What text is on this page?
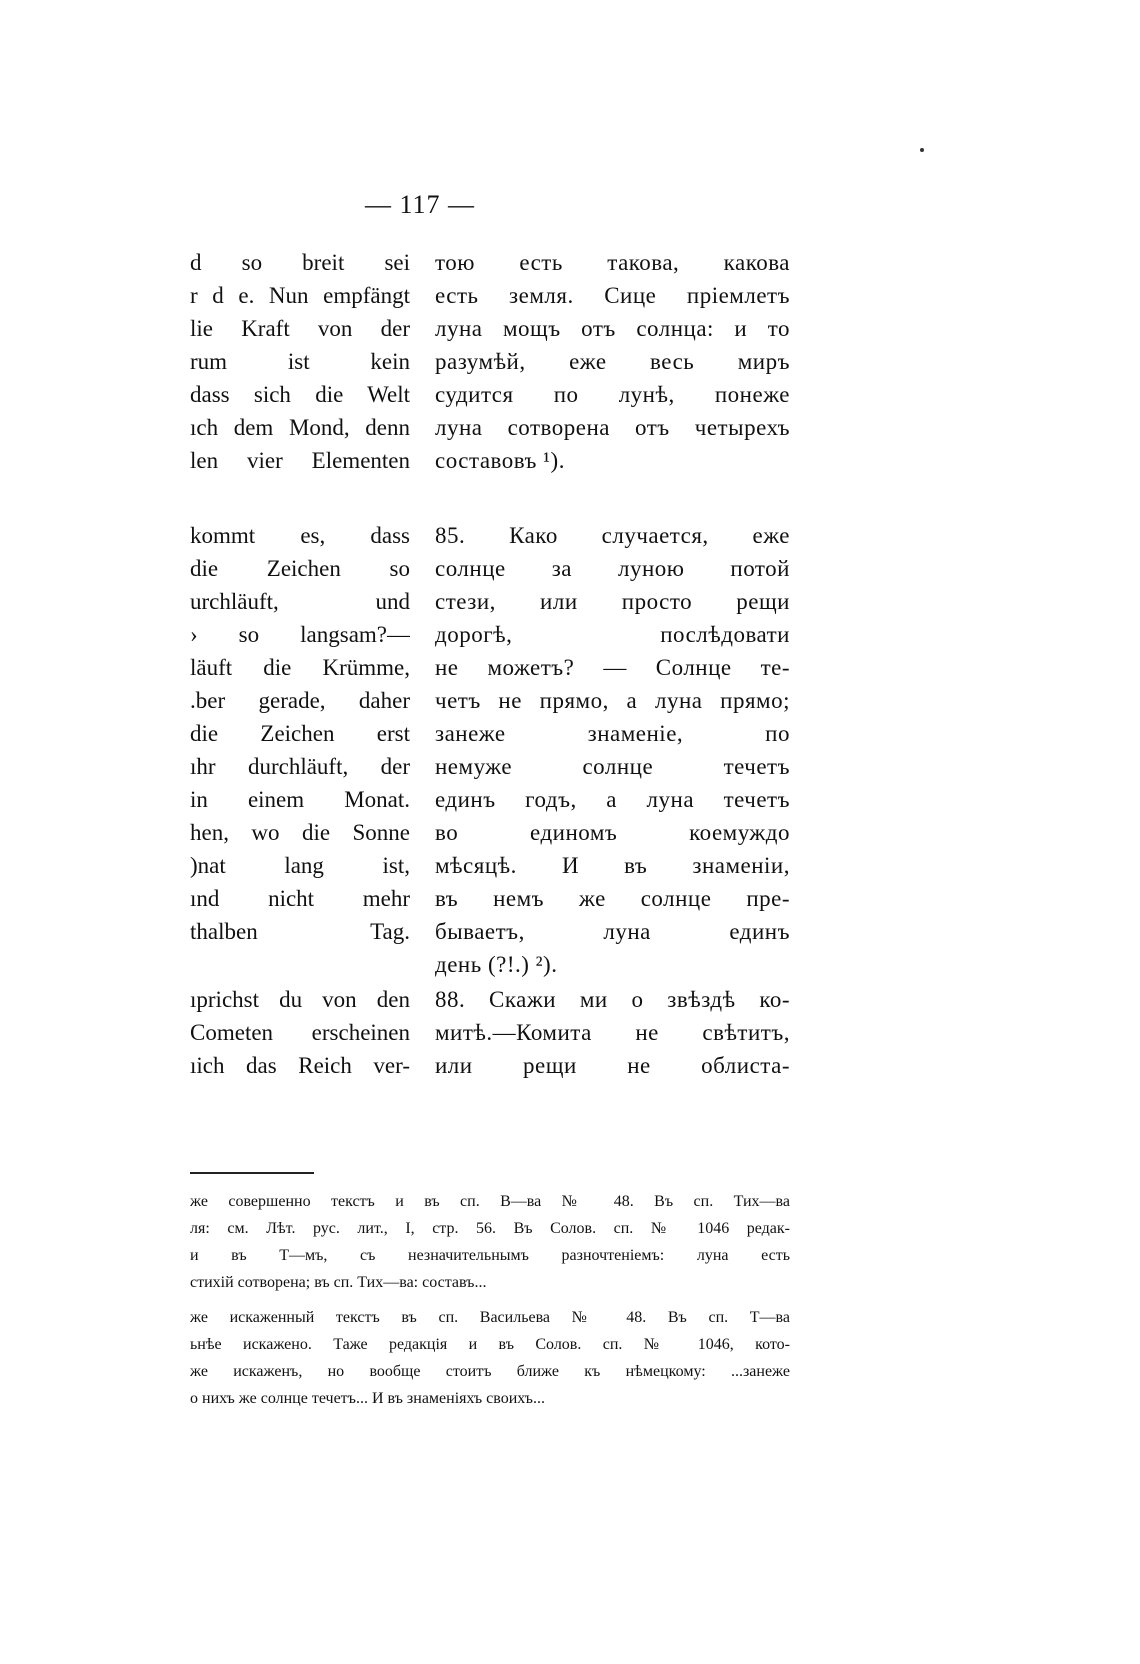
— 117 —
d so breit sei
r d e. Nun empfängt
lie Kraft von der
rum ist kein
dass sich die Welt
ıch dem Mond, denn
len vier Elementen
тою есть такова, какова
есть земля. Сице пріемлетъ
луна мощъ отъ солнца: и то
разумѣй, еже весь миръ
судится по лунѣ, понеже
луна сотворена отъ четырехъ
составовъ ¹).
kommt es, dass
die Zeichen so
urchläuft, und
› so langsam?—
läuft die Krümme,
.ber gerade, daher
die Zeichen erst
ıhr durchläuft, der
in einem Monat.
hen, wo die Sonne
)nat lang ist,
ınd nicht mehr
thalben Tag.
85. Како случается, еже
солнце за луною потой
стези, или просто рещи
дорогѣ, послѣдовати
не можетъ? — Солнце те-
четъ не прямо, а луна прямо;
занеже знаменіе, по
немуже солнце течетъ
единъ годъ, а луна течетъ
во единомъ коемуждо
мѣсяцѣ. И въ знаменіи,
въ немъ же солнце пре-
бываетъ, луна единъ
день (?!.) ²).
ıprichst du von den
Cometen erscheinen
ıich das Reich ver-
88. Скажи ми о звѣздѣ ко-
митѣ.—Комита не свѣтитъ,
или рещи не облиста-
же совершенно текстъ и въ сп. В—ва № 48. Въ сп. Тих—ва
ля: см. Лѣт. рус. лит., I, стр. 56. Въ Солов. сп. № 1046 редак-
и въ Т—мъ, съ незначительнымъ разночтеніемъ: луна есть
стихій сотворена; въ сп. Тих—ва: составъ...
же искаженный текстъ въ сп. Васильева № 48. Въ сп. Т—ва
ьнѣе искажено. Таже редакція и въ Солов. сп. № 1046, кото-
же искаженъ, но вообще стоитъ ближе къ нѣмецкому: ...занеже
о нихъ же солнце течетъ... И въ знаменіяхъ своихъ...
